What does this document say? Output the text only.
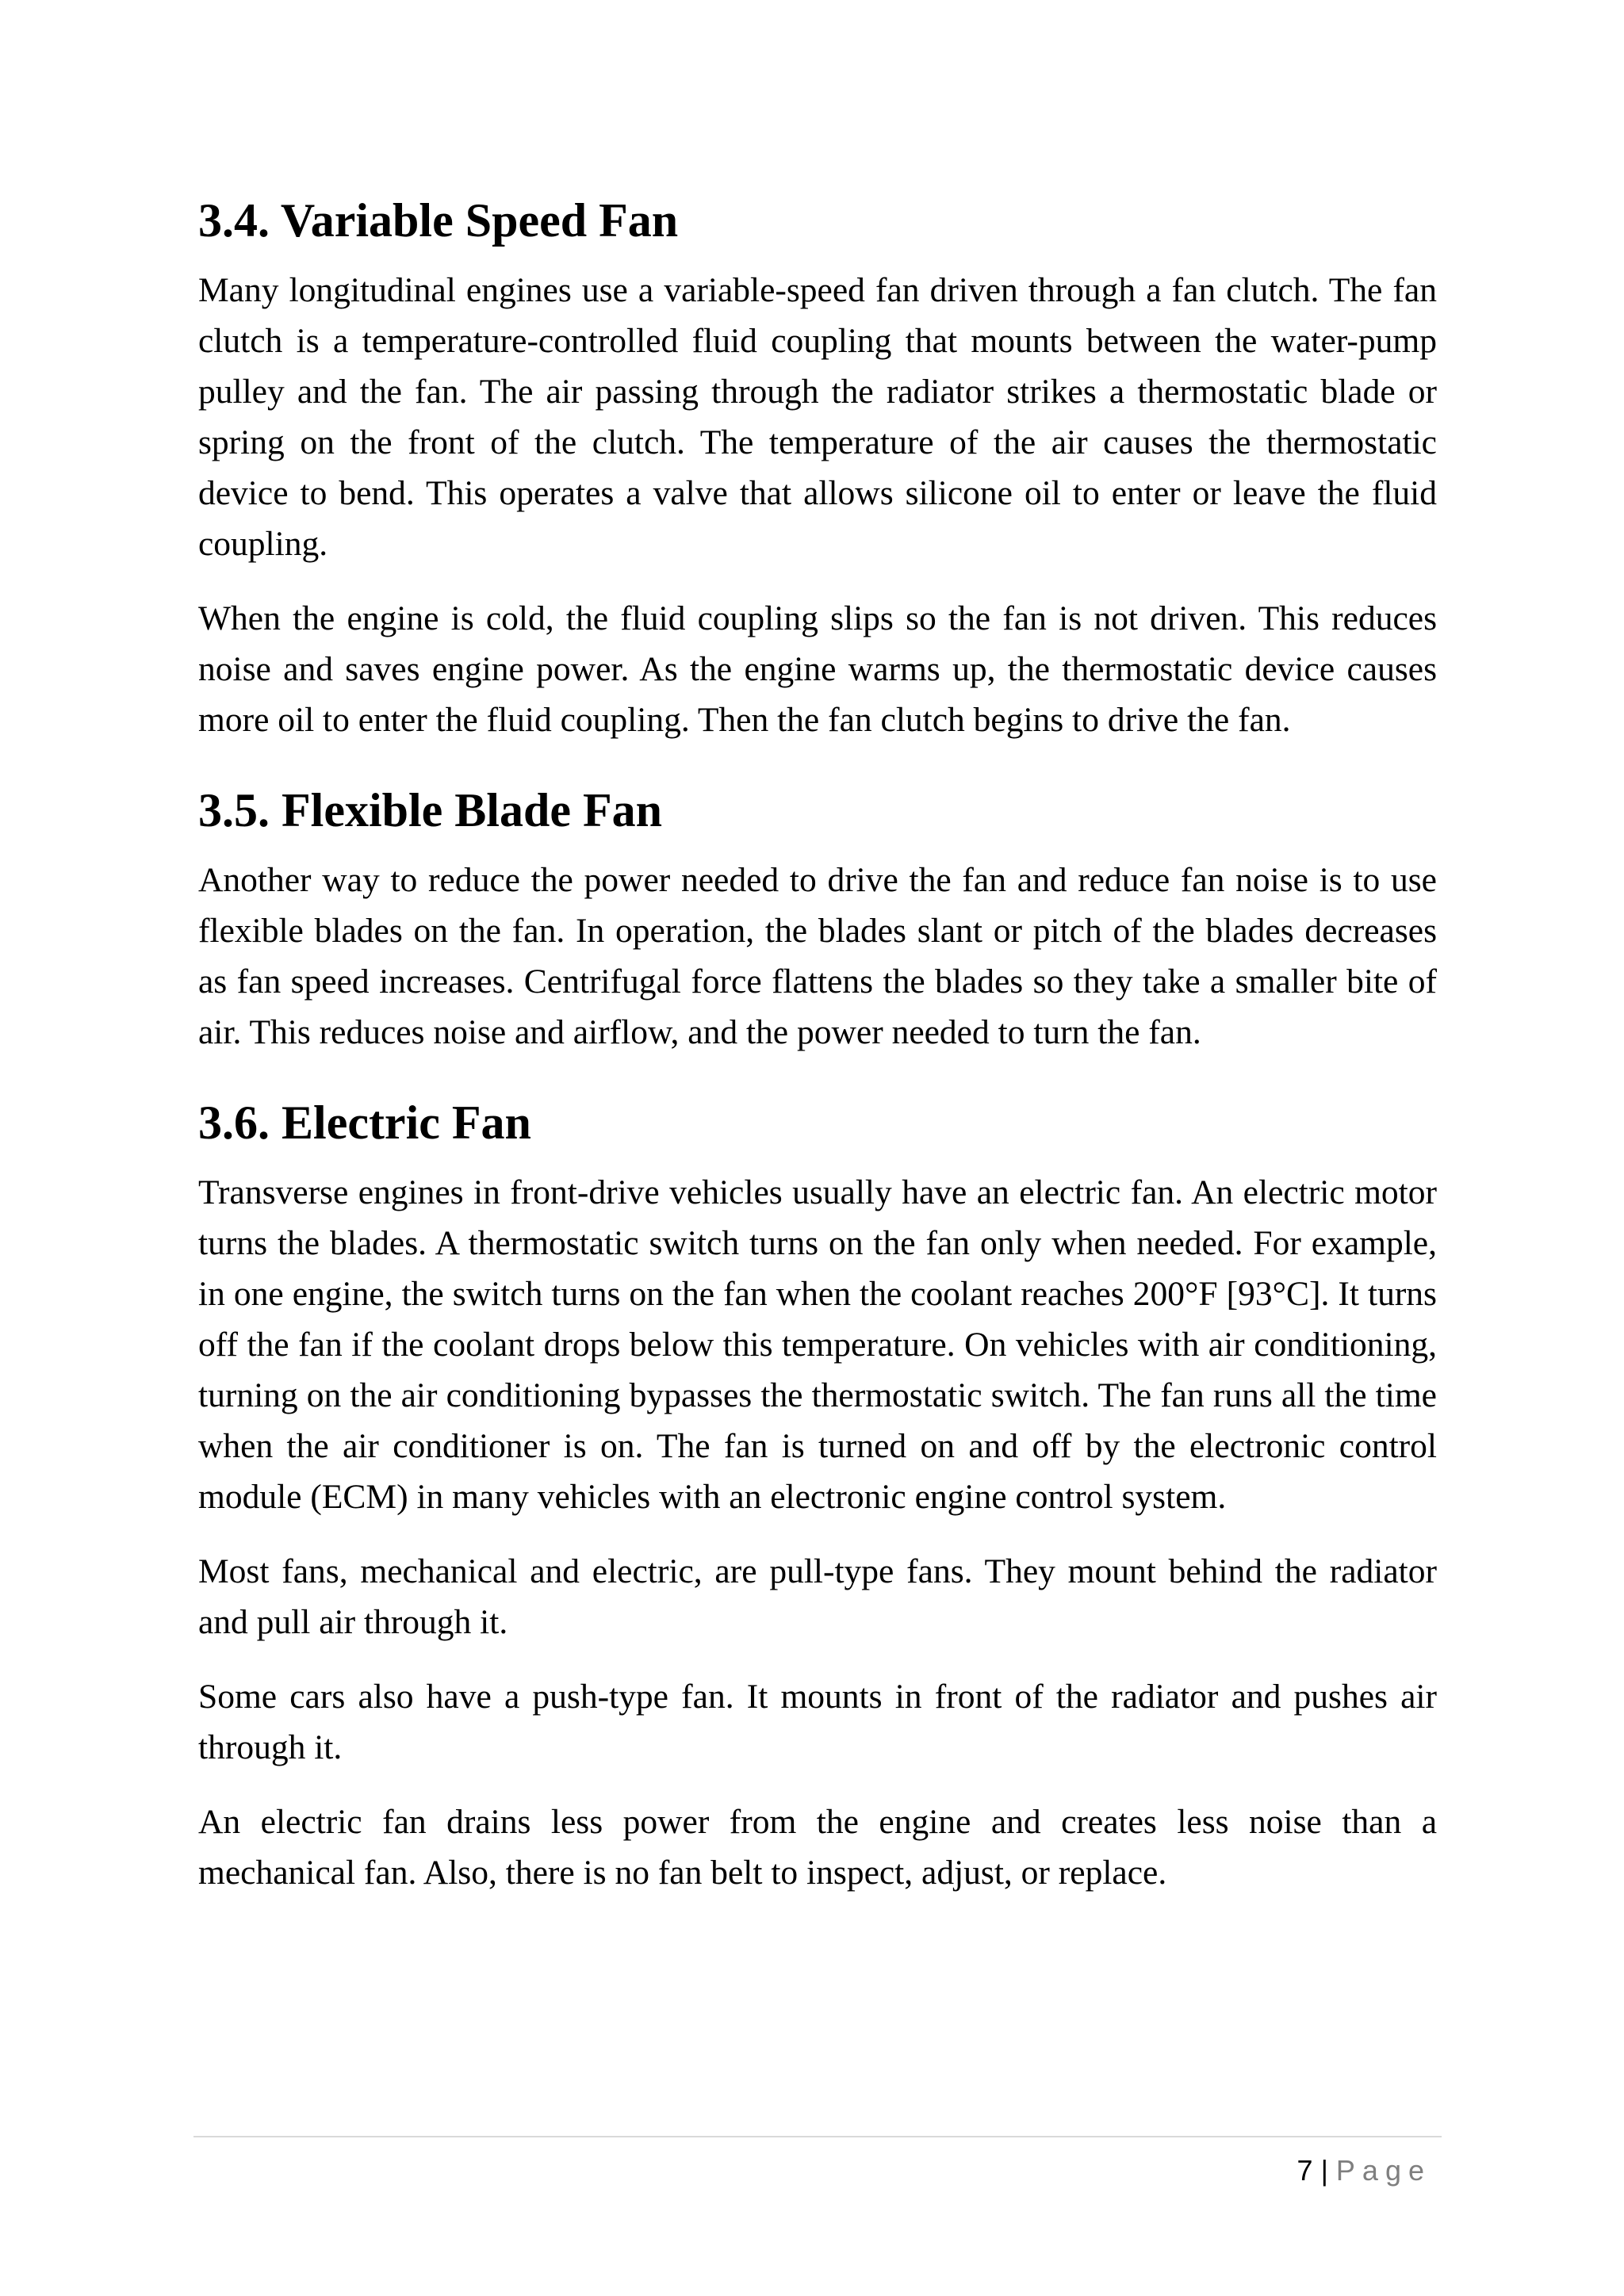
3.4. Variable Speed Fan

Many longitudinal engines use a variable-speed fan driven through a fan clutch. The fan clutch is a temperature-controlled fluid coupling that mounts between the water-pump pulley and the fan. The air passing through the radiator strikes a thermostatic blade or spring on the front of the clutch. The temperature of the air causes the thermostatic device to bend. This operates a valve that allows silicone oil to enter or leave the fluid coupling.

When the engine is cold, the fluid coupling slips so the fan is not driven. This reduces noise and saves engine power. As the engine warms up, the thermostatic device causes more oil to enter the fluid coupling. Then the fan clutch begins to drive the fan.

3.5. Flexible Blade Fan

Another way to reduce the power needed to drive the fan and reduce fan noise is to use flexible blades on the fan. In operation, the blades slant or pitch of the blades decreases as fan speed increases. Centrifugal force flattens the blades so they take a smaller bite of air. This reduces noise and airflow, and the power needed to turn the fan.

3.6. Electric Fan

Transverse engines in front-drive vehicles usually have an electric fan. An electric motor turns the blades. A thermostatic switch turns on the fan only when needed. For example, in one engine, the switch turns on the fan when the coolant reaches 200°F [93°C]. It turns off the fan if the coolant drops below this temperature. On vehicles with air conditioning, turning on the air conditioning bypasses the thermostatic switch. The fan runs all the time when the air conditioner is on. The fan is turned on and off by the electronic control module (ECM) in many vehicles with an electronic engine control system.

Most fans, mechanical and electric, are pull-type fans. They mount behind the radiator and pull air through it.

Some cars also have a push-type fan. It mounts in front of the radiator and pushes air through it.

An electric fan drains less power from the engine and creates less noise than a mechanical fan. Also, there is no fan belt to inspect, adjust, or replace.

7 | Page
